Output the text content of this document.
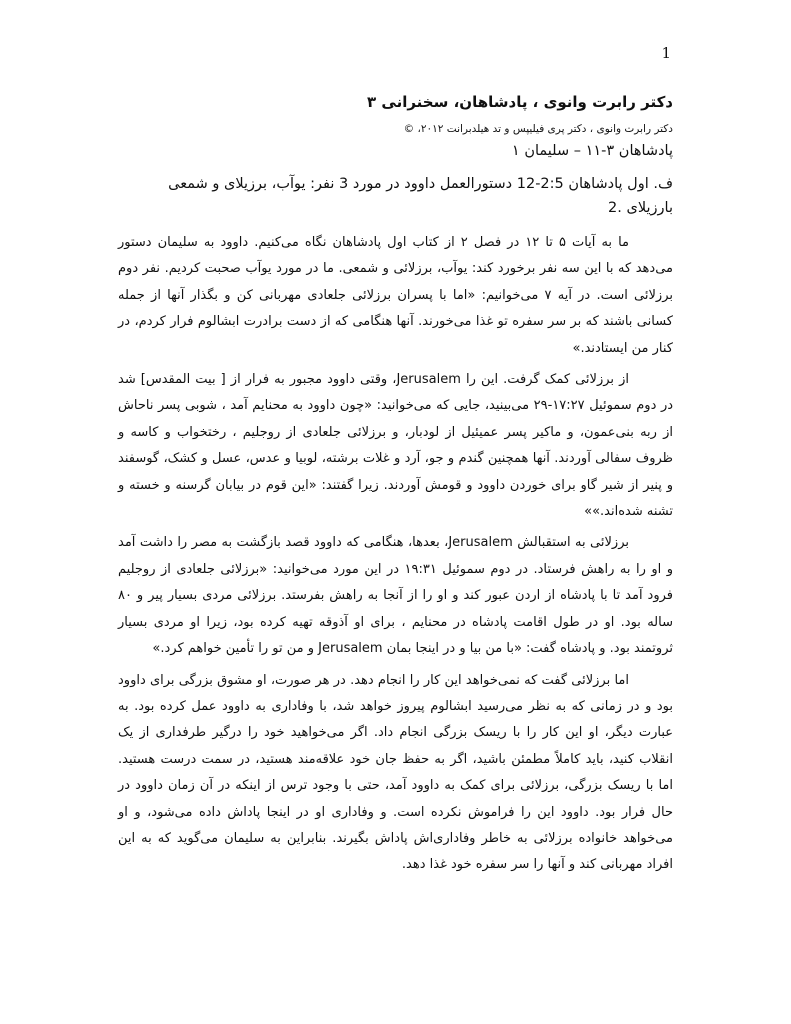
1
دکتر رابرت وانوی ، پادشاهان، سخنرانی ۳
دکتر رابرت وانوی ، دکتر پری فیلیپس و تد هیلدبرانت ۲۰۱۲، ©
پادشاهان ۳-۱۱ – سلیمان ۱
ف. اول پادشاهان 2:5-12 دستورالعمل داوود در مورد 3 نفر: یوآب، برزیلای و شمعی بارزیلای .2

ما به آیات ۵ تا ۱۲ در فصل ۲ از کتاب اول پادشاهان نگاه می‌کنیم. داوود به سلیمان دستور می‌دهد که با این سه نفر برخورد کند: یوآب، برزلائی و شمعی. ما در مورد یوآب صحبت کردیم. نفر دوم برزلائی است. در آیه ۷ می‌خوانیم: «اما با پسران برزلائی جلعادی مهربانی کن و بگذار آنها از جمله کسانی باشند که بر سر سفره تو غذا می‌خورند. آنها هنگامی که از دست برادرت ابشالوم فرار کردم، در کنار من ایستادند.»

از برزلائی کمک گرفت. این را Jerusalem، وقتی داوود مجبور به فرار از [ بیت المقدس] شد در دوم سموئیل ۱۷:۲۷-۲۹ می‌بینید، جایی که می‌خوانید: «چون داوود به محنایم آمد ، شوبی پسر ناحاش از ربه بنی‌عمون، و ماکیر پسر عمیئیل از لودبار، و برزلائی جلعادی از روجلیم ، رختخواب و کاسه و ظروف سفالی آوردند. آنها همچنین گندم و جو، آرد و غلات برشته، لوبیا و عدس، عسل و کشک، گوسفند و پنیر از شیر گاو برای خوردن داوود و قومش آوردند. زیرا گفتند: «این قوم در بیابان گرسنه و خسته و تشنه شده‌اند.»»

برزلائی به استقبالش Jerusalem، بعدها، هنگامی که داوود قصد بازگشت به مصر را داشت آمد و او را به راهش فرستاد. در دوم سموئیل ۱۹:۳۱ در این مورد می‌خوانید: «برزلائی جلعادی از روجلیم فرود آمد تا با پادشاه از اردن عبور کند و او را از آنجا به راهش بفرستد. برزلائی مردی بسیار پیر و ۸۰ ساله بود. او در طول اقامت پادشاه در محنایم ، برای او آذوقه تهیه کرده بود، زیرا او مردی بسیار ثروتمند بود. و پادشاه گفت: «با من بیا و در اینجا بمان Jerusalem و من تو را تأمین خواهم کرد.»

اما برزلائی گفت که نمی‌خواهد این کار را انجام دهد. در هر صورت، او مشوق بزرگی برای داوود بود و در زمانی که به نظر می‌رسید ابشالوم پیروز خواهد شد، با وفاداری به داوود عمل کرده بود. به عبارت دیگر، او این کار را با ریسک بزرگی انجام داد. اگر می‌خواهید خود را درگیر طرفداری از یک انقلاب کنید، باید کاملاً مطمئن باشید، اگر به حفظ جان خود علاقه‌مند هستید، در سمت درست هستید. اما با ریسک بزرگی، برزلائی برای کمک به داوود آمد، حتی با وجود ترس از اینکه در آن زمان داوود در حال فرار بود. داوود این را فراموش نکرده است. و وفاداری او در اینجا پاداش داده می‌شود، و او می‌خواهد خانواده برزلائی به خاطر وفاداری‌اش پاداش بگیرند. بنابراین به سلیمان می‌گوید که به این افراد مهربانی کند و آنها را سر سفره خود غذا دهد.
